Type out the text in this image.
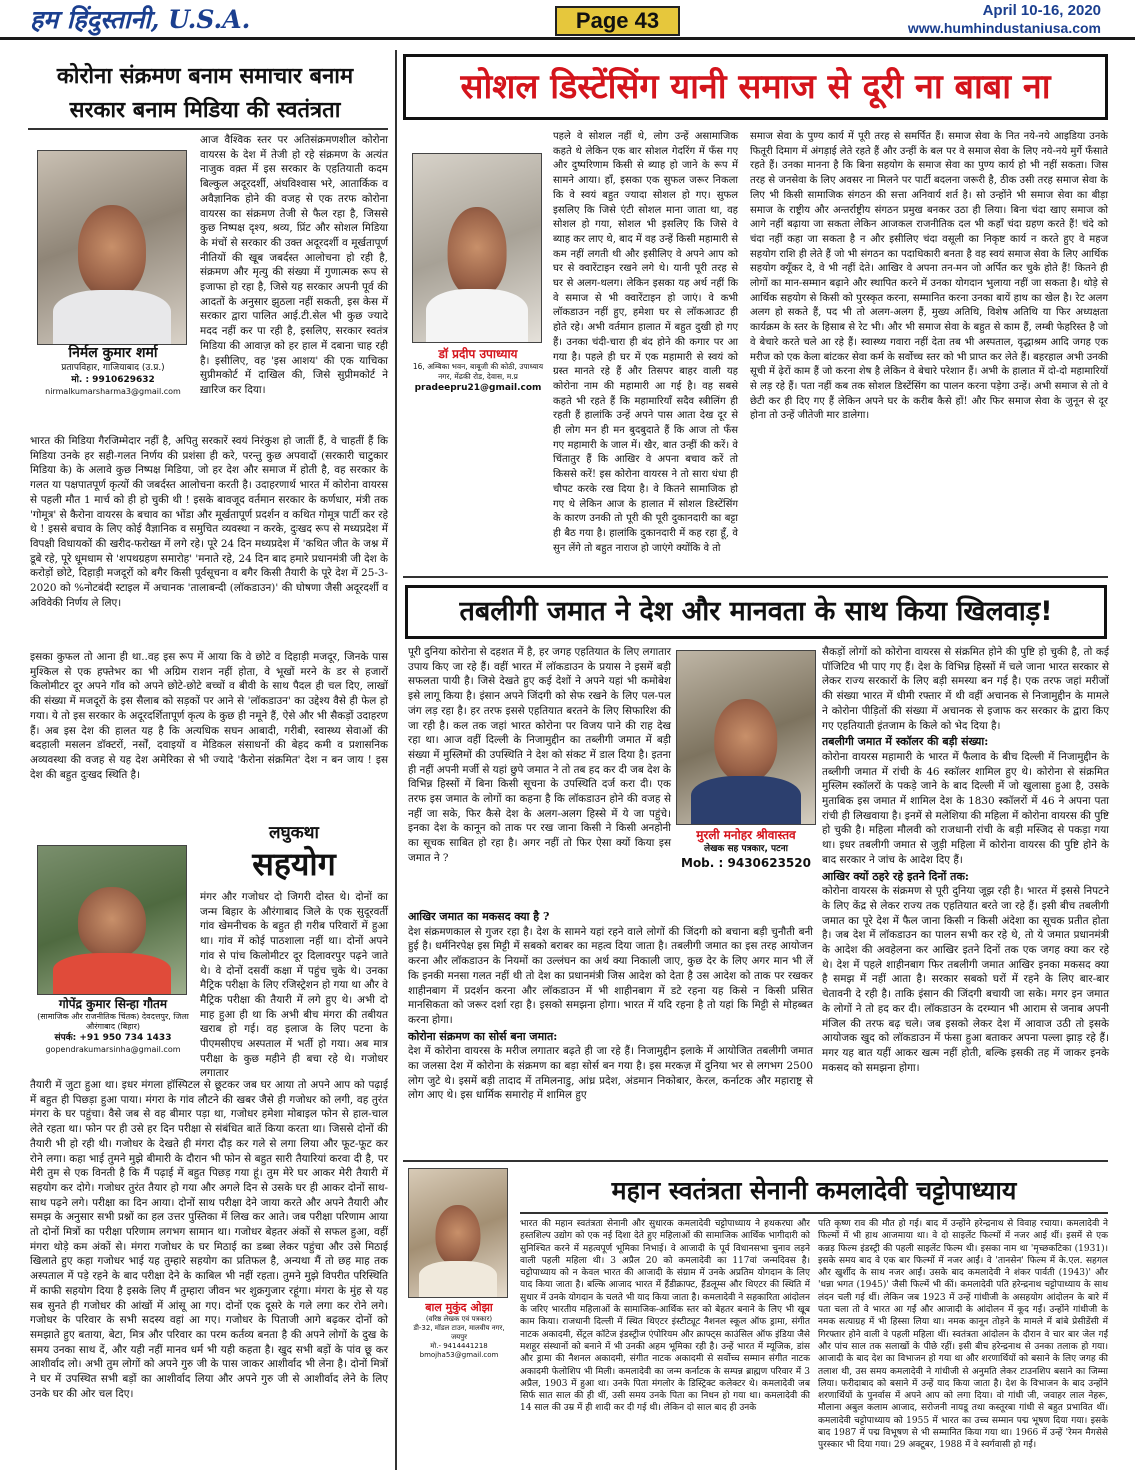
हम हिंदुस्तानी, U.S.A.	Page 43	April 10-16, 2020
www.humhindustaniusa.com
कोरोना संक्रमण बनाम समाचार बनाम सरकार बनाम मिडिया की स्वतंत्रता
निर्मल कुमार शर्मा
प्रतापविहार, गाजियाबाद (उ.प्र.)
मो. : 9910629632
nirmalkumarsharma3@gmail.com
आज वैश्विक स्तर पर अतिसंक्रमणशील कोरोना वायरस के देश में तेजी हो रहे संक्रमण के अत्यंत नाजुक वक़्त में इस सरकार के एहतियाती कदम बिल्कुल अदूरदर्शी, अंधविश्वास भरे, आतार्किक व अवैज्ञानिक होने की वजह से एक तरफ कोरोना वायरस का संक्रमण तेजी से फैल रहा है, जिससे कुछ निष्पक्ष दृश्य, श्रव्य, प्रिंट और सोशल मिडिया के मंचों से सरकार की उक्त अदूरदर्शी व मूर्खतापूर्ण नीतियों की खूब जबर्दस्त आलोचना हो रही है, संक्रमण और मृत्यु की संख्या में गुणात्मक रूप से इजाफा हो रहा है, जिसे यह सरकार अपनी पूर्व की आदतों के अनुसार झुठला नहीं सकती, इस केस में सरकार द्वारा पालित आई.टी.सेल भी कुछ ज्यादे मदद नहीं कर पा रही है, इसलिए, सरकार स्वतंत्र मिडिया की आवाज़ को हर हाल में दबाना चाह रही है। इसीलिए, वह 'इस आशय' की एक याचिका सुप्रीमकोर्ट में दाखिल की, जिसे सुप्रीमकोर्ट ने ख़ारिज कर दिया।
भारत की मिडिया गैरजिम्मेदार नहीं है, अपितु सरकारें स्वयं निरंकुश हो जातीं हैं, वे चाहतीं हैं कि मिडिया उनके हर सही-गलत निर्णय की प्रशंसा ही करे, परन्तु कुछ अपवादों (सरकारी चाटुकार मिडिया के) के अलावे कुछ निष्पक्ष मिडिया, जो हर देश और समाज में होती है, वह सरकार के गलत या पक्षपातपूर्ण कृत्यों की जबर्दस्त आलोचना करती है। उदाहरणार्थ भारत में कोरोना वायरस से पहली मौत 1 मार्च को ही हो चुकी थी ! इसके बावजूद वर्तमान सरकार के कर्णधार, मंत्री तक 'गोमूत्र' से कैरोना वायरस के बचाव का भोंडा और मूर्खतापूर्ण प्रदर्शन व कथित गोमूत्र पार्टी कर रहे थे ! इससे बचाव के लिए कोई वैज्ञानिक व समुचित व्यवस्था न करके, दुःखद रूप से मध्यप्रदेश में विपक्षी विधायकों की खरीद-फरोख्त में लगे रहे। पूरे 24 दिन मध्यप्रदेश में 'कथित जीत के जश्न में डूबे रहे, पूरे धूमधाम से 'शपथग्रहण समारोह' 'मनाते रहे, 24 दिन बाद हमारे प्रधानमंत्री जी देश के करोड़ों छोटे, दिहाड़ी मजदूरों को बगैर किसी पूर्वसूचना व बगैर किसी तैयारी के पूरे देश में 25-3-2020 को %नोटबंदी स्टाइल में अचानक 'तालाबन्दी (लॉकडाउन)' की घोषणा जैसी अदूरदर्शी व अविवेकी निर्णय ले लिए।
इसका कुफल तो आना ही था..वह इस रूप में आया कि वे छोटे व दिहाड़ी मजदूर, जिनके पास मुश्किल से एक हफ्तेभर का भी अग्रिम राशन नहीं होता, वे भूखों मरने के डर से हजारों किलोमीटर दूर अपने गाँव को अपने छोटे-छोटे बच्चों व बीवी के साथ पैदल ही चल दिए, लाखों की संख्या में मजदूरों के इस सैलाब को सड़कों पर आने से 'लॉकडाउन' का उद्देश्य वैसे ही फेल हो गया। ये तो इस सरकार के अदूरदर्शितापूर्ण कृत्य के कुछ ही नमूने हैं, ऐसे और भी सैकड़ों उदाहरण हैं। अब इस देश की हालत यह है कि अत्यधिक सघन आबादी, गरीबी, स्वास्थ्य सेवाओं की बदहाली मसलन डॉक्टरों, नर्सों, दवाइयों व मेडिकल संसाधनों की बेहद कमी व प्रशासनिक अव्यवस्था की वजह से यह देश अमेरिका से भी ज्यादे 'कैरोना संक्रमित' देश न बन जाय ! इस देश की बहुत दुःखद स्थिति है।
लघुकथा
सहयोग
गोपेंद्र कुमार सिन्हा गौतम
(सामाजिक और राजनीतिक चिंतक) देवदत्तपुर, जिला औरंगाबाद (बिहार)
संपर्क: +91 950 734 1433
gopendrakumarsinha@gmail.com
मंगर और गजोधर दो जिगरी दोस्त थे। दोनों का जन्म बिहार के औरंगाबाद जिले के एक सुदूरवर्ती गांव खेमनीचक के बहुत ही गरीब परिवारों में हुआ था। गांव में कोई पाठशाला नहीं था। दोनों अपने गांव से पांच किलोमीटर दूर दिलावरपुर पढ़ने जाते थे। वे दोनों दसवीं कक्षा में पहुंच चुके थे। उनका मैट्रिक परीक्षा के लिए रजिस्ट्रेशन हो गया था और वे मैट्रिक परीक्षा की तैयारी में लगे हुए थे। अभी दो माह हुआ ही था कि अभी बीच मंगरा की तबीयत खराब हो गई। वह इलाज के लिए पटना के पीएमसीएच अस्पताल में भर्ती हो गया। अब मात्र परीक्षा के कुछ महीने ही बचा रहे थे। गजोधर लगातार
तैयारी में जुटा हुआ था। इधर मंगला हॉस्पिटल से छूटकर जब घर आया तो अपने आप को पढ़ाई में बहुत ही पिछड़ा हुआ पाया। मंगरा के गांव लौटने की खबर जैसे ही गजोधर को लगी, वह तुरंत मंगरा के घर पहुंचा। वैसे जब से वह बीमार पड़ा था, गजोधर हमेशा मोबाइल फोन से हाल-चाल लेते रहता था। फोन पर ही उसे हर दिन परीक्षा से संबंधित बातें किया करता था। जिससे दोनों की तैयारी भी हो रही थी। गजोधर के देखते ही मंगरा दौड़ कर गले से लगा लिया और फूट-फूट कर रोने लगा। कहा भाई तुमने मुझे बीमारी के दौरान भी फोन से बहुत सारी तैयारियां करवा दी है, पर मेरी तुम से एक विनती है कि मैं पढ़ाई में बहुत पिछड़ गया हूं। तुम मेरे घर आकर मेरी तैयारी में सहयोग कर दोगे। गजोधर तुरंत तैयार हो गया और अगले दिन से उसके घर ही आकर दोनों साथ-साथ पढ़ने लगे। परीक्षा का दिन आया। दोनों साथ परीक्षा देने जाया करते और अपने तैयारी और समझ के अनुसार सभी प्रश्नों का हल उत्तर पुस्तिका में लिख कर आते। जब परीक्षा परिणाम आया तो दोनों मित्रों का परीक्षा परिणाम लगभग सामान था। गजोधर बेहतर अंकों से सफल हुआ, वहीं मंगरा थोड़े कम अंकों से। मंगरा गजोधर के घर मिठाई का डब्बा लेकर पहुंचा और उसे मिठाई खिलाते हुए कहा गजोधर भाई यह तुम्हारे सहयोग का प्रतिफल है, अन्यथा मैं तो छह माह तक अस्पताल में पड़े रहने के बाद परीक्षा देने के काबिल भी नहीं रहता। तुमने मुझे विपरीत परिस्थिति में काफी सहयोग दिया है इसके लिए मैं तुम्हारा जीवन भर शुक्रगुजार रहूंगा। मंगरा के मुंह से यह सब सुनते ही गजोधर की आंखों में आंसू आ गए। दोनों एक दूसरे के गले लगा कर रोने लगे। गजोधर के परिवार के सभी सदस्य वहां आ गए। गजोधर के पिताजी आगे बढ़कर दोनों को समझाते हुए बताया, बेटा, मित्र और परिवार का परम कर्तव्य बनता है की अपने लोगों के दुख के समय उनका साथ दें, और यही नहीं मानव धर्म भी यही कहता है। खुद सभी बड़ों के पांव छू कर आशीर्वाद लो। अभी तुम लोगों को अपने गुरु जी के पास जाकर आशीर्वाद भी लेना है। दोनों मित्रों ने घर में उपस्थित सभी बड़ों का आशीर्वाद लिया और अपने गुरु जी से आशीर्वाद लेने के लिए उनके घर की ओर चल दिए।
सोशल डिस्टेंसिंग यानी समाज से दूरी ना बाबा ना
डॉ प्रदीप उपाध्याय
16, अम्बिका भवन, बाबूजी की कोठी, उपाध्याय नगर, मेंढकी रोड, देवास, म.प्र
pradeepru21@gmail.com
पहले वे सोशल नहीं थे, लोग उन्हें असामाजिक कहते थे लेकिन एक बार सोशल गेदरिंग में फँस गए और दुष्परिणाम किसी से ब्याह हो जाने के रूप में सामने आया। हाँ, इसका एक सुफल जरूर निकला कि वे स्वयं बहुत ज्यादा सोशल हो गए। सुफल इसलिए कि जिसे एंटी सोशल माना जाता था, वह सोशल हो गया, सोशल भी इसलिए कि जिसे वे ब्याह कर लाए थे, बाद में वह उन्हें किसी महामारी से कम नहीं लगती थी और इसीलिए वे अपने आप को घर से क्वारेंटाइन रखने लगे थे। यानी पूरी तरह से घर से अलग-थलग। लेकिन इसका यह अर्थ नहीं कि वे समाज से भी क्वारेंटाइन हो जाएं। वे कभी लॉकडाउन नहीं हुए, हमेशा घर से लॉकआउट ही होते रहे। अभी वर्तमान हालात में बहुत दुखी हो गए हैं। उनका चंदी-चारा ही बंद होने की कगार पर आ गया है। पहले ही घर में एक महामारी से स्वयं को ग्रस्त मानते रहे हैं और तिसपर बाहर वाली यह कोरोना नाम की महामारी आ गई है। वह सबसे कहते भी रहते हैं कि महामारियाँ सदैव स्त्रीलिंग ही रहती हैं हालांकि उन्हें अपने पास आता देख दूर से ही लोग मन ही मन बुदबुदाते हैं कि आज तो फँस गए महामारी के जाल में। खैर, बात उन्हीं की करें। वे चिंतातुर हैं कि आखिर वे अपना बचाव करें तो किससे करें! इस कोरोना वायरस ने तो सारा धंधा ही चौपट करके रख दिया है। वे कितने सामाजिक हो गए थे लेकिन आज के हालात में सोशल डिस्टेंसिंग के कारण उनकी तो पूरी की पूरी दुकानदारी का बट्टा ही बैठ गया है। हालांकि दुकानदारी में कह रहा हूँ, वे सुन लेंगे तो बहुत नाराज हो जाएंगे क्योंकि वे तो
समाज सेवा के पुण्य कार्य में पूरी तरह से समर्पित हैं। समाज सेवा के नित नये-नये आइडिया उनके फितूरी दिमाग में अंगड़ाई लेते रहते हैं और उन्हीं के बल पर वे समाज सेवा के लिए नये-नये मुर्गे फँसाते रहते हैं। उनका मानना है कि बिना सहयोग के समाज सेवा का पुण्य कार्य हो भी नहीं सकता। जिस तरह से जनसेवा के लिए अवसर ना मिलने पर पार्टी बदलना जरूरी है, ठीक उसी तरह समाज सेवा के लिए भी किसी सामाजिक संगठन की सत्ता अनिवार्य शर्त है। सो उन्होंने भी समाज सेवा का बीड़ा समाज के राष्ट्रीय और अन्तर्राष्ट्रीय संगठन प्रमुख बनकर उठा ही लिया। बिना चंदा खाए समाज को आगे नहीं बढ़ाया जा सकता लेकिन आजकल राजनीतिक दल भी कहाँ चंदा ग्रहण करते हैं! चंदे को चंदा नहीं कहा जा सकता है न और इसीलिए चंदा वसूली का निकृष्ट कार्य न करते हुए वे महज सहयोग राशि ही लेते हैं जो भी संगठन का पदाधिकारी बनता है वह स्वयं समाज सेवा के लिए आर्थिक सहयोग क्यूँकर दे, वे भी नहीं देते। आखिर वे अपना तन-मन जो अर्पित कर चुके होते हैं! कितने ही लोगों का मान-सम्मान बढ़ाने और स्थापित करने में उनका योगदान भुलाया नहीं जा सकता है। थोड़े से आर्थिक सहयोग से किसी को पुरस्कृत करना, सम्मानित करना उनका बायें हाथ का खेल है। रेट अलग अलग हो सकते हैं, पद भी तो अलग-अलग हैं, मुख्य अतिथि, विशेष अतिथि या फिर अध्यक्षता कार्यक्रम के स्तर के हिसाब से रेट भी। और भी समाज सेवा के बहुत से काम हैं, लम्बी फेहरिस्त है जो वे बेचारे करते चले आ रहे हैं। स्वास्थ्य गवारा नहीं देता तब भी अस्पताल, वृद्धाश्रम आदि जगह एक मरीज को एक केला बांटकर सेवा कर्म के सर्वोच्च स्तर को भी प्राप्त कर लेते हैं। बहरहाल अभी उनकी सूची में ढ़ेरों काम हैं जो करना शेष है लेकिन वे बेचारे परेशान हैं। अभी के हालात में दो-दो महामारियों से लड़ रहे हैं। पता नहीं कब तक सोशल डिस्टेंसिंग का पालन करना पड़ेगा उन्हें। अभी समाज से तो वे छेटी कर ही दिए गए हैं लेकिन अपने घर के करीब कैसे हों! और फिर समाज सेवा के जुनून से दूर होना तो उन्हें जीतेजी मार डालेगा।
तबलीगी जमात ने देश और मानवता के साथ किया खिलवाड़!
पूरी दुनिया कोरोना से दहशत में है, हर जगह एहतियात के लिए लगातार उपाय किए जा रहे हैं। वहीं भारत में लॉकडाउन के प्रयास ने इसमें बड़ी सफलता पायी है। जिसे देखते हुए कई देशों ने अपने यहां भी कमोबेश इसे लागू किया है। इंसान अपने जिंदगी को सेफ रखने के लिए पल-पल जंग लड़ रहा है। हर तरफ इससे एहतियात बरतने के लिए सिफारिश की जा रही है। कल तक जहां भारत कोरोना पर विजय पाने की राह देख रहा था। आज वहीं दिल्ली के निजामुद्दीन का तब्लीगी जमात में बड़ी संख्या में मुस्लिमों की उपस्थिति ने देश को संकट में डाल दिया है। इतना ही नहीं अपनी मर्जी से यहां छुपे जमात ने तो तब हद कर दी जब देश के विभिन्न हिस्सों में बिना किसी सूचना के उपस्थिति दर्ज करा दी। एक तरफ इस जमात के लोगों का कहना है कि लॉकडाउन होने की वजह से नहीं जा सके, फिर कैसे देश के अलग-अलग हिस्से में ये जा पहुंचे। इनका देश के कानून को ताक पर रख जाना किसी ने किसी अनहोनी का सूचक साबित हो रहा है। अगर नहीं तो फिर ऐसा क्यों किया इस जमात ने ?
मुरली मनोहर श्रीवास्तव
लेखक सह पत्रकार, पटना
Mob. : 9430623520
आखिर जमात का मकसद क्या है ?
देश संक्रमणकाल से गुजर रहा है। देश के सामने यहां रहने वाले लोगों की जिंदगी को बचाना बड़ी चुनौती बनी हुई है। धर्मनिरपेक्ष इस मिट्टी में सबको बराबर का महत्व दिया जाता है। तबलीगी जमात का इस तरह आयोजन करना और लॉकडाउन के नियमों का उल्लंघन का अर्थ क्या निकाली जाए, कुछ देर के लिए अगर मान भी लें कि इनकी मनसा गलत नहीं थी तो देश का प्रधानमंत्री जिस आदेश को देता है उस आदेश को ताक पर रखकर शाहीनबाग में प्रदर्शन करना और लॉकडाउन में भी शाहीनबाग में डटे रहना यह किसे न किसी प्रसित मानसिकता को जरूर दर्शा रहा है। इसको समझना होगा। भारत में यदि रहना है तो यहां कि मिट्टी से मोहब्बत करना होगा।
कोरोना संक्रमण का सोर्स बना जमात:
देश में कोरोना वायरस के मरीज लगातार बढ़ते ही जा रहे हैं। निजामुद्दीन इलाके में आयोजित तबलीगी जमात का जलसा देश में कोरोना के संक्रमण का बड़ा सोर्स बन गया है। इस मरकज़ में दुनिया भर से लगभग 2500 लोग जुटे थे। इसमें बड़ी तादाद में तमिलनाडु, आंध्र प्रदेश, अंडमान निकोबार, केरल, कर्नाटक और महाराष्ट्र से लोग आए थे। इस धार्मिक समारोह में शामिल हुए
सैकड़ों लोगों को कोरोना वायरस से संक्रमित होने की पुष्टि हो चुकी है, तो कई पॉजिटिव भी पाए गए हैं। देश के विभिन्न हिस्सों में चले जाना भारत सरकार से लेकर राज्य सरकारों के लिए बड़ी समस्या बन गई है। एक तरफ जहां मरीजों की संख्या भारत में धीमी रफ्तार में थी वहीं अचानक से निजामुद्दीन के मामले ने कोरोना पीड़ितों की संख्या में अचानक से इजाफ कर सरकार के द्वारा किए गए एहतियाती इंतजाम के किले को भेद दिया है।
तबलीगी जमात में स्कॉलर की बड़ी संख्या:
कोरोना वायरस महामारी के भारत में फैलाव के बीच दिल्ली में निजामुद्दीन के तब्लीगी जमात में रांची के 46 स्कॉलर शामिल हुए थे। कोरोना से संक्रमित मुस्लिम स्कॉलरों के पकड़े जाने के बाद दिल्ली में जो खुलासा हुआ है, उसके मुताबिक इस जमात में शामिल देश के 1830 स्कॉलरों में 46 ने अपना पता रांची ही लिखवाया है। इनमें से मलेशिया की महिला में कोरोना वायरस की पुष्टि हो चुकी है। महिला मौलवी को राजधानी रांची के बड़ी मस्जिद से पकड़ा गया था। इधर तबलीगी जमात से जुड़ी महिला में कोरोना वायरस की पुष्टि होने के बाद सरकार ने जांच के आदेश दिए हैं।
आखिर क्यों ठहरे रहे इतने दिनों तक:
कोरोना वायरस के संक्रमण से पूरी दुनिया जूझ रही है। भारत में इससे निपटने के लिए केंद्र से लेकर राज्य तक एहतियात बरते जा रहे हैं। इसी बीच तबलीगी जमात का पूरे देश में फैल जाना किसी न किसी अंदेशा का सूचक प्रतीत होता है। जब देश में लॉकडाउन का पालन सभी कर रहे थे, तो ये जमात प्रधानमंत्री के आदेश की अवहेलना कर आखिर इतने दिनों तक एक जगह क्या कर रहे थे। देश में पहले शाहीनबाग फिर तबलीगी जमात आखिर इनका मकसद क्या है समझ में नहीं आता है। सरकार सबको घरों में रहने के लिए बार-बार चेतावनी दे रही है। ताकि इंसान की जिंदगी बचायी जा सके। मगर इन जमात के लोगों ने तो हद कर दी। लॉकडाउन के दरम्यान भी आराम से जनाब अपनी मंजिल की तरफ बढ़ चले। जब इसको लेकर देश में आवाज उठी तो इसके आयोजक खुद को लॉकडाउन में फंसा हुआ बताकर अपना पल्ला झाड़ रहे हैं। मगर यह बात यहीं आकर खत्म नहीं होती, बल्कि इसकी तह में जाकर इनके मकसद को समझना होगा।
बाल मुकुंद ओझा
(वरिष्ठ लेखक एवं पत्रकार)
डी-32, मॉडल टाउन, मालवीय नगर, जयपुर
मो.- 9414441218
bmojha53@gmail.com
महान स्वतंत्रता सेनानी कमलादेवी चट्टोपाध्याय
भारत की महान स्वतंत्रता सेनानी और सुधारक कमलादेवी चट्टोपाध्याय ने हथकरघा और हस्तशिल्प उद्योग को एक नई दिशा देते हुए महिलाओं की सामाजिक आर्थिक भागीदारी को सुनिश्चित करने में महत्वपूर्ण भूमिका निभाई। वे आजादी के पूर्व विधानसभा चुनाव लड़ने वाली पहली महिला थी। 3 अप्रैल 20 को कमलादेवी का 117वां जन्मदिवस है। चट्टोपाध्याय को न केवल भारत की आजादी के संग्राम में उनके अप्रतिम योगदान के लिए याद किया जाता है। बल्कि आजाद भारत में हैंडीक्राफ्ट, हैंडलूम्स और थिएटर की स्थिति में सुधार में उनके योगदान के चलते भी याद किया जाता है। कमलादेवी ने सहकारिता आंदोलन के जरिए भारतीय महिलाओं के सामाजिक-आर्थिक स्तर को बेहतर बनाने के लिए भी खूब काम किया। राजधानी दिल्ली में स्थित थिएटर इंस्टीट्यूट नैशनल स्कूल ऑफ ड्रामा, संगीत नाटक अकादमी, सेंट्रल कॉटेज इंडस्ट्रीज एंपोरियम और क्राफ्ट्स काउंसिल ऑफ इंडिया जैसे मशहूर संस्थानों को बनाने में भी उनकी अहम भूमिका रही है। उन्हें भारत में म्यूजिक, डांस और ड्रामा की नैशनल अकादमी, संगीत नाटक अकादमी से सर्वोच्च सम्मान संगीत नाटक अकादमी फेलोशिप भी मिली। कमलादेवी का जन्म कर्नाटक के सम्पन्न ब्राह्मण परिवार में 3 अप्रैल, 1903 में हुआ था। उनके पिता मंगलोर के डिस्ट्रिक्ट कलेक्टर थे। कमलादेवी जब सिर्फ सात साल की ही थीं, उसी समय उनके पिता का निधन हो गया था। कमलादेवी की 14 साल की उम्र में ही शादी कर दी गई थी। लेकिन दो साल बाद ही उनके
पति कृष्ण राव की मौत हो गई। बाद में उन्होंने हरेन्द्रनाथ से विवाह रचाया। कमलादेवी ने फिल्मों में भी हाथ आजमाया था। वे दो साइलेंट फिल्मों में नजर आई थीं। इसमें से एक कन्नड़ फिल्म इंडस्ट्री की पहली साइलेंट फिल्म थी। इसका नाम था 'मृच्छकटिका (1931)। इसके समय बाद वे एक बार फिल्मों में नजर आईं। वे 'तानसेन' फिल्म में के.एल. सहगल और खुर्शीद के साथ नजर आईं। उसके बाद कमलादेवी ने शंकर पार्वती (1943)' और 'धन्ना भगत (1945)' जैसी फिल्में भी कीं। कमलादेवी पति हरेन्द्रनाथ चट्टोपाध्याय के साथ लंदन चली गई थीं। लेकिन जब 1923 में उन्हें गांधीजी के असहयोग आंदोलन के बारे में पता चला तो वे भारत आ गईं और आजादी के आंदोलन में कूद गईं। उन्होंने गांधीजी के नमक सत्याग्रह में भी हिस्सा लिया था। नमक कानून तोड़ने के मामले में बांबे प्रेसीडेंसी में गिरफ्तार होने वाली वे पहली महिला थीं। स्वतंत्रता आंदोलन के दौरान वे चार बार जेल गईं और पांच साल तक सलाखों के पीछे रहीं। इसी बीच हरेन्द्रनाथ से उनका तलाक हो गया। आजादी के बाद देश का विभाजन हो गया था और शरणार्थियों को बसाने के लिए जगह की तलाश थी, उस समय कमलादेवी ने गांधीजी से अनुमति लेकर टाउनशिप बसाने का जिम्मा लिया। फरीदाबाद को बसाने में उन्हें याद किया जाता है। देश के विभाजन के बाद उन्होंने शरणार्थियों के पुनर्वास में अपने आप को लगा दिया। वो गांधी जी, जवाहर लाल नेहरू, मौलाना अबुल कलाम आजाद, सरोजनी नायडू तथा कस्तूरबा गांधी से बहुत प्रभावित थीं। कमलादेवी चट्टोपाध्याय को 1955 में भारत का उच्च सम्मान पद्म भूषण दिया गया। इसके बाद 1987 में पद्म विभूषण से भी सम्मानित किया गया था। 1966 में उन्हें 'रेमन मैगसेसे पुरस्कार भी दिया गया। 29 अक्टूबर, 1988 में वे स्वर्गवासी हो गईं।
